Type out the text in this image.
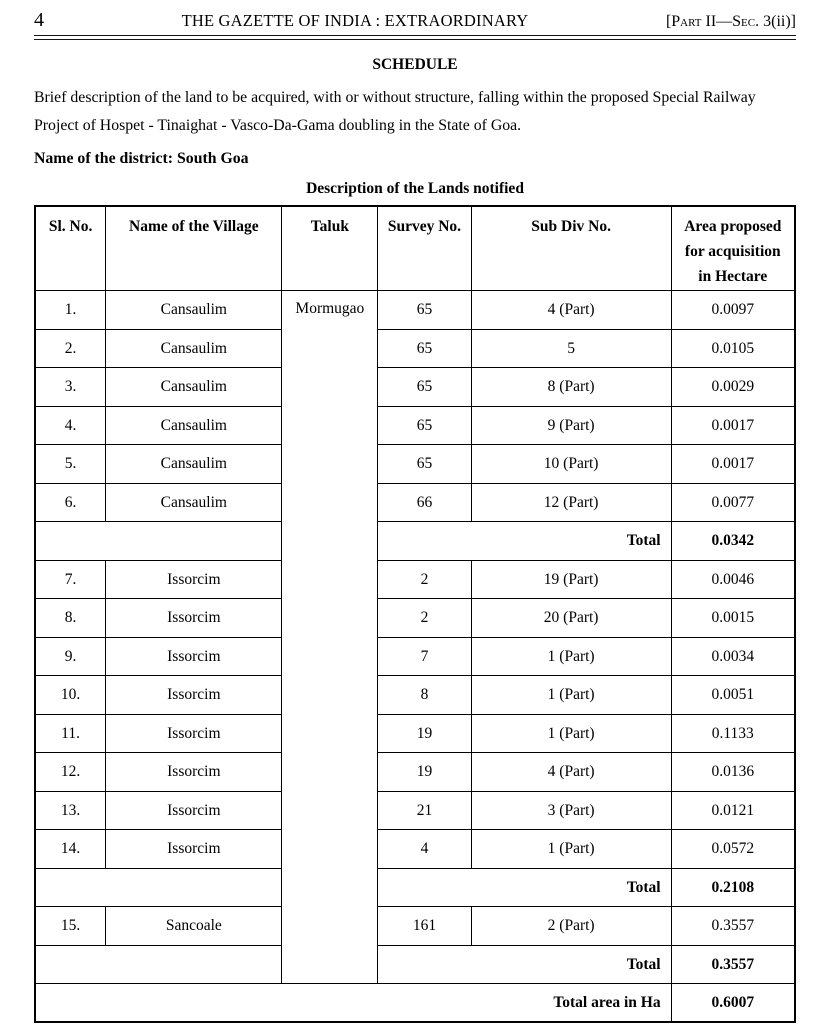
4	THE GAZETTE OF INDIA : EXTRAORDINARY	[Part II—Sec. 3(ii)]
SCHEDULE
Brief description of the land to be acquired, with or without structure, falling within the proposed Special Railway Project of Hospet - Tinaighat - Vasco-Da-Gama doubling in the State of Goa.
Name of the district: South Goa
Description of the Lands notified
Sl. No.	Name of the Village	Taluk	Survey No.	Sub Div No.	Area proposed for acquisition in Hectare
1.	Cansaulim	Mormugao	65	4 (Part)	0.0097
2.	Cansaulim		65	5	0.0105
3.	Cansaulim		65	8 (Part)	0.0029
4.	Cansaulim		65	9 (Part)	0.0017
5.	Cansaulim		65	10 (Part)	0.0017
6.	Cansaulim		66	12 (Part)	0.0077
			Total		0.0342
7.	Issorcim		2	19 (Part)	0.0046
8.	Issorcim		2	20 (Part)	0.0015
9.	Issorcim		7	1 (Part)	0.0034
10.	Issorcim		8	1 (Part)	0.0051
11.	Issorcim		19	1 (Part)	0.1133
12.	Issorcim		19	4 (Part)	0.0136
13.	Issorcim		21	3 (Part)	0.0121
14.	Issorcim		4	1 (Part)	0.0572
			Total		0.2108
15.	Sancoale		161	2 (Part)	0.3557
			Total		0.3557
Total area in Ha					0.6007
